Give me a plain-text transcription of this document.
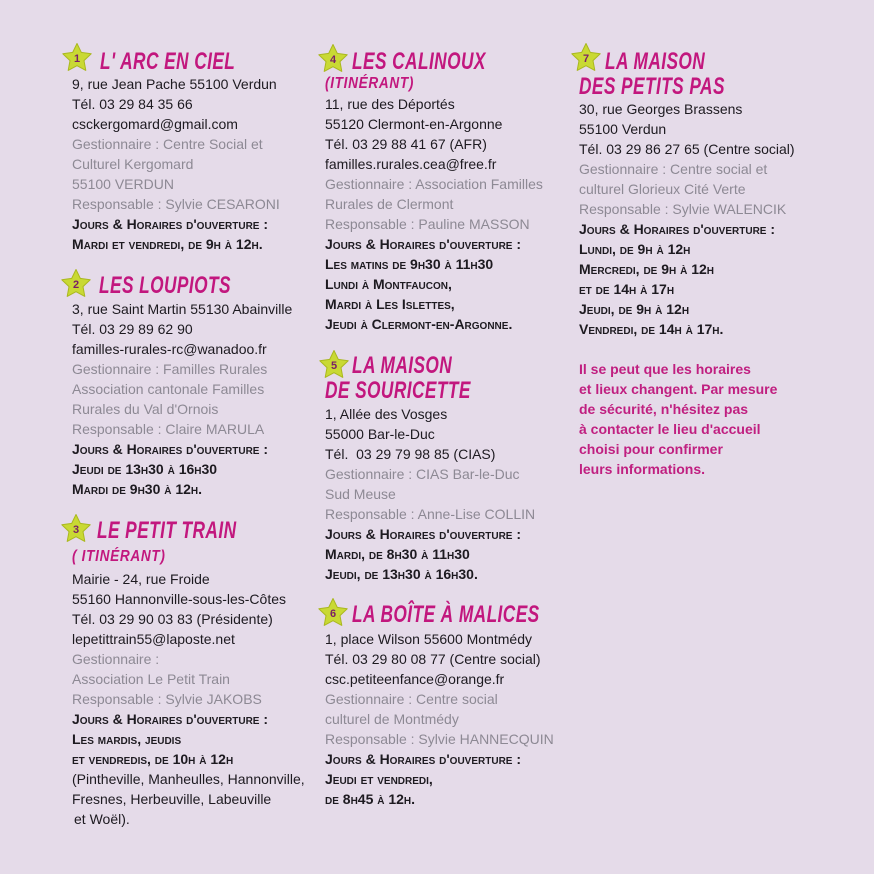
1 L' ARC EN CIEL
9, rue Jean Pache 55100 Verdun
Tél. 03 29 84 35 66
csckergomard@gmail.com
Gestionnaire : Centre Social et
Culturel Kergomard
55100 VERDUN
Responsable : Sylvie CESARONI
Jours & Horaires d'ouverture :
Mardi et vendredi, de 9h à 12h.
2 LES LOUPIOTS
3, rue Saint Martin 55130 Abainville
Tél. 03 29 89 62 90
familles-rurales-rc@wanadoo.fr
Gestionnaire : Familles Rurales
Association cantonale Familles
Rurales du Val d'Ornois
Responsable : Claire MARULA
Jours & Horaires d'ouverture :
Jeudi de 13h30 à 16h30
Mardi de 9h30 à 12h.
3 LE PETIT TRAIN
( ITINÉRANT)
Mairie - 24, rue Froide
55160 Hannonville-sous-les-Côtes
Tél. 03 29 90 03 83 (Présidente)
lepetittrain55@laposte.net
Gestionnaire :
Association Le Petit Train
Responsable : Sylvie JAKOBS
Jours & Horaires d'ouverture :
Les mardis, jeudis
et vendredis, de 10h à 12h
(Pintheville, Manheulles, Hannonville,
Fresnes, Herbeuville, Labeuville
et Woël).
4 LES CALINOUX
(ITINÉRANT)
11, rue des Déportés
55120 Clermont-en-Argonne
Tél. 03 29 88 41 67 (AFR)
familles.rurales.cea@free.fr
Gestionnaire : Association Familles
Rurales de Clermont
Responsable : Pauline MASSON
Jours & Horaires d'ouverture :
Les matins de 9h30 à 11h30
Lundi à Montfaucon,
Mardi à Les Islettes,
Jeudi à Clermont-en-Argonne.
5 LA MAISON
DE SOURICETTE
1, Allée des Vosges
55000 Bar-le-Duc
Tél.  03 29 79 98 85 (CIAS)
Gestionnaire : CIAS Bar-le-Duc
Sud Meuse
Responsable : Anne-Lise COLLIN
Jours & Horaires d'ouverture :
Mardi, de 8h30 à 11h30
Jeudi, de 13h30 à 16h30.
6 LA BOÎTE À MALICES
1, place Wilson 55600 Montmédy
Tél. 03 29 80 08 77 (Centre social)
csc.petiteenfance@orange.fr
Gestionnaire : Centre social
culturel de Montmédy
Responsable : Sylvie HANNECQUIN
Jours & Horaires d'ouverture :
Jeudi et vendredi,
de 8h45 à 12h.
7 LA MAISON
DES PETITS PAS
30, rue Georges Brassens
55100 Verdun
Tél. 03 29 86 27 65 (Centre social)
Gestionnaire : Centre social et
culturel Glorieux Cité Verte
Responsable : Sylvie WALENCIK
Jours & Horaires d'ouverture :
Lundi, de 9h à 12h
Mercredi, de 9h à 12h
et de 14h à 17h
Jeudi, de 9h à 12h
Vendredi, de 14h à 17h.
Il se peut que les horaires
et lieux changent. Par mesure
de sécurité, n'hésitez pas
à contacter le lieu d'accueil
choisi pour confirmer
leurs informations.
